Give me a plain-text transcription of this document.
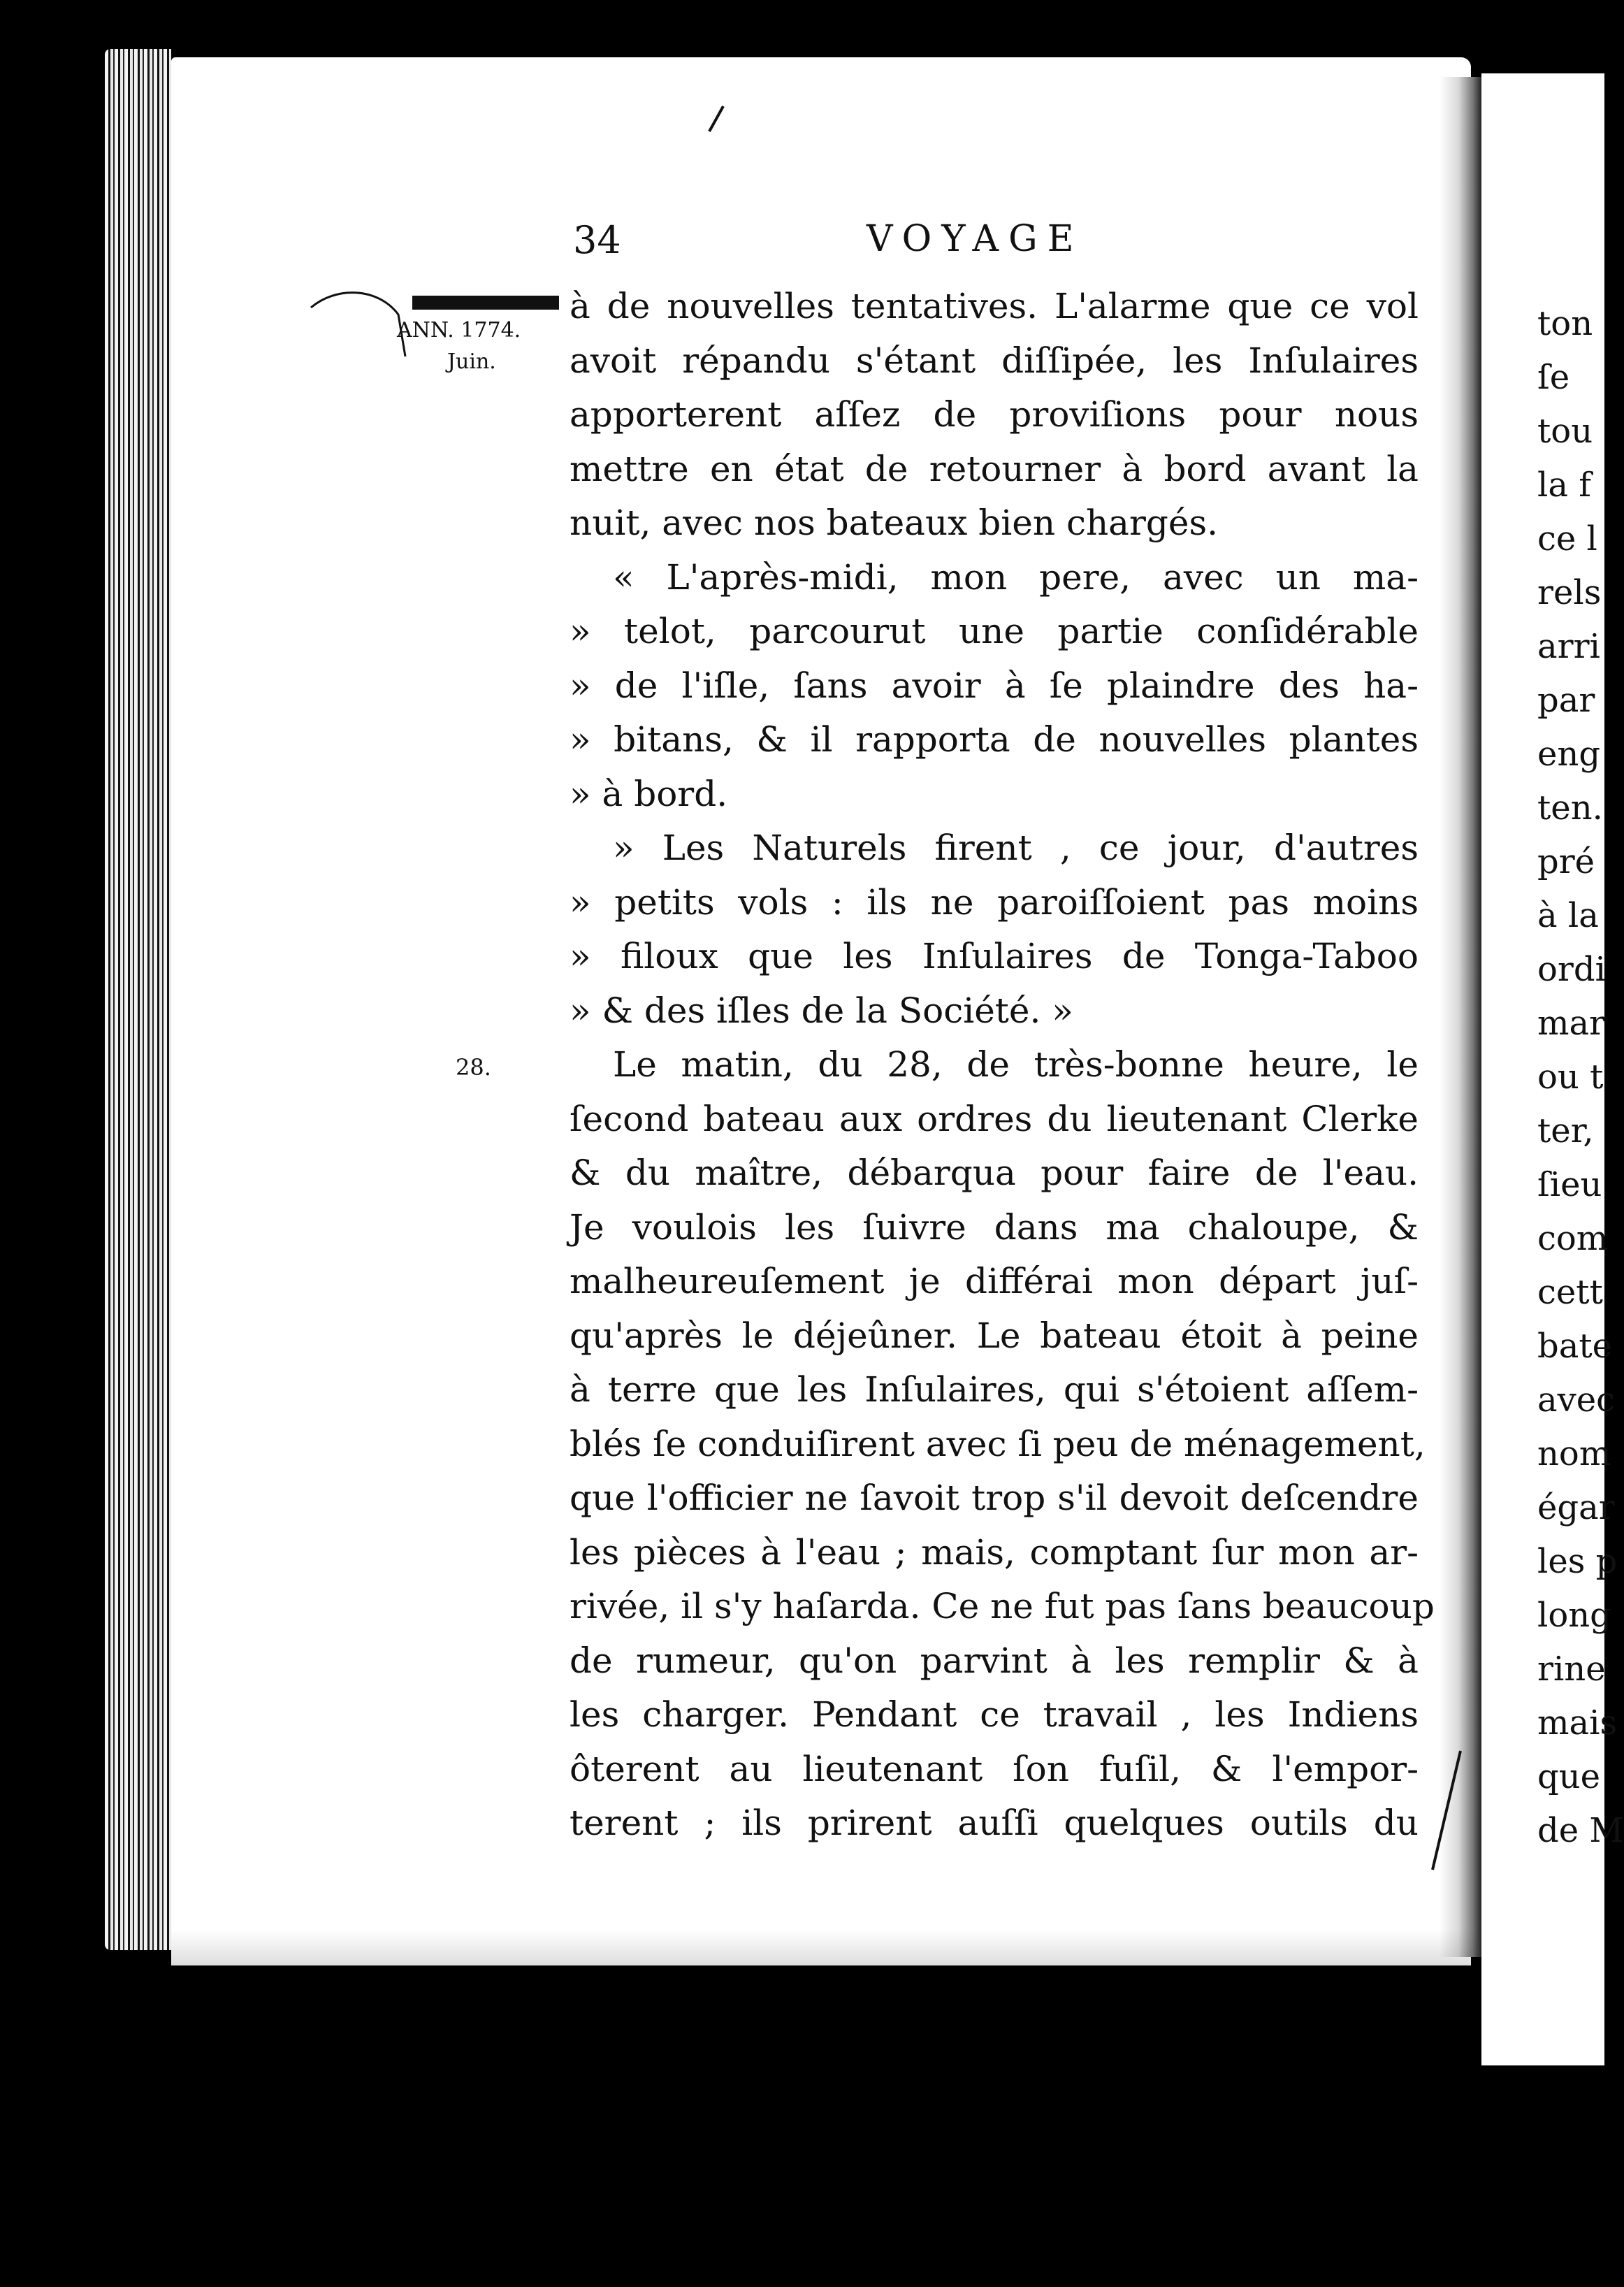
34	VOYAGE
ANN. 1774.
Juin.
28.
à de nouvelles tentatives. L'alarme que ce vol
avoit répandu s'étant diſſipée, les Inſulaires
apporterent aſſez de proviſions pour nous
mettre en état de retourner à bord avant la
nuit, avec nos bateaux bien chargés.
« L'après-midi, mon pere, avec un ma-
» telot, parcourut une partie conſidérable
» de l'iſle, ſans avoir à ſe plaindre des ha-
» bitans, & il rapporta de nouvelles plantes
» à bord.
» Les Naturels firent , ce jour, d'autres
» petits vols : ils ne paroiſſoient pas moins
» filoux que les Inſulaires de Tonga-Taboo
» & des iſles de la Société. »
Le matin, du 28, de très-bonne heure, le
ſecond bateau aux ordres du lieutenant Clerke
& du maître, débarqua pour faire de l'eau.
Je voulois les ſuivre dans ma chaloupe, &
malheureuſement je différai mon départ juſ-
qu'après le déjeûner. Le bateau étoit à peine
à terre que les Inſulaires, qui s'étoient aſſem-
blés ſe conduiſirent avec ſi peu de ménagement,
que l'officier ne ſavoit trop s'il devoit deſcendre
les pièces à l'eau ; mais, comptant ſur mon ar-
rivée, il s'y haſarda. Ce ne fut pas ſans beaucoup
de rumeur, qu'on parvint à les remplir & à
les charger. Pendant ce travail , les Indiens
ôterent au lieutenant ſon fuſil, & l'empor-
terent ; ils prirent auſſi quelques outils du
ton
ſe
tou
la f
ce l
rels
arri
par
eng
ten.
pré
à la
ordi
mar
ou t
ter,
ſieu
com
cett
bate
avec
nom
égar
les p
long
rine
mais
que
de M
